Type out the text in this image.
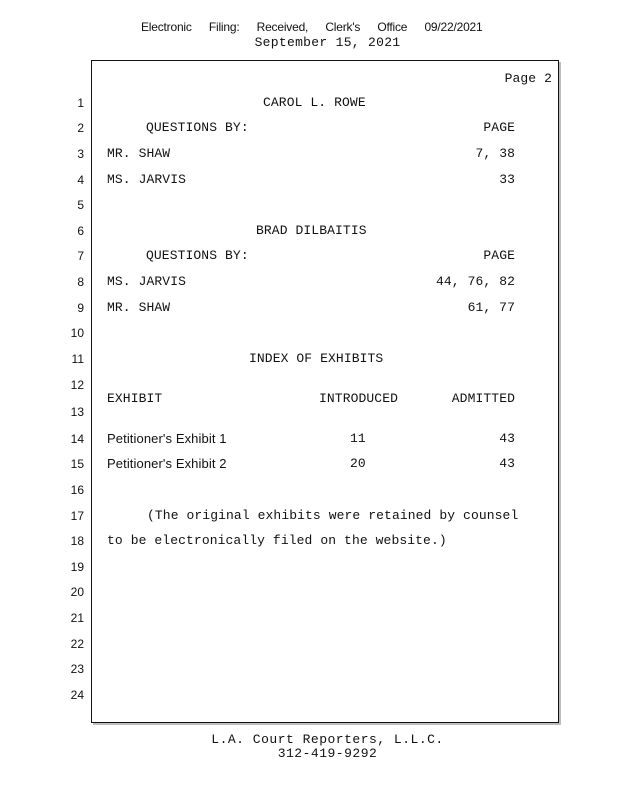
Electronic Filing: Received, Clerk's Office 09/22/2021
September 15, 2021
Page 2
1
2
3
4
5
6
7
8
9
10
11
12
13
14
15
16
17
18
19
20
21
22
23
24
CAROL L. ROWE
QUESTIONS BY:	PAGE
MR. SHAW	7, 38
MS. JARVIS	33
BRAD DILBAITIS
QUESTIONS BY:	PAGE
MS. JARVIS	44, 76, 82
MR. SHAW	61, 77
INDEX OF EXHIBITS
EXHIBIT	INTRODUCED	ADMITTED
Petitioner's Exhibit 1	11	43
Petitioner's Exhibit 2	20	43
(The original exhibits were retained by counsel
to be electronically filed on the website.)
L.A. Court Reporters, L.L.C.
312-419-9292
